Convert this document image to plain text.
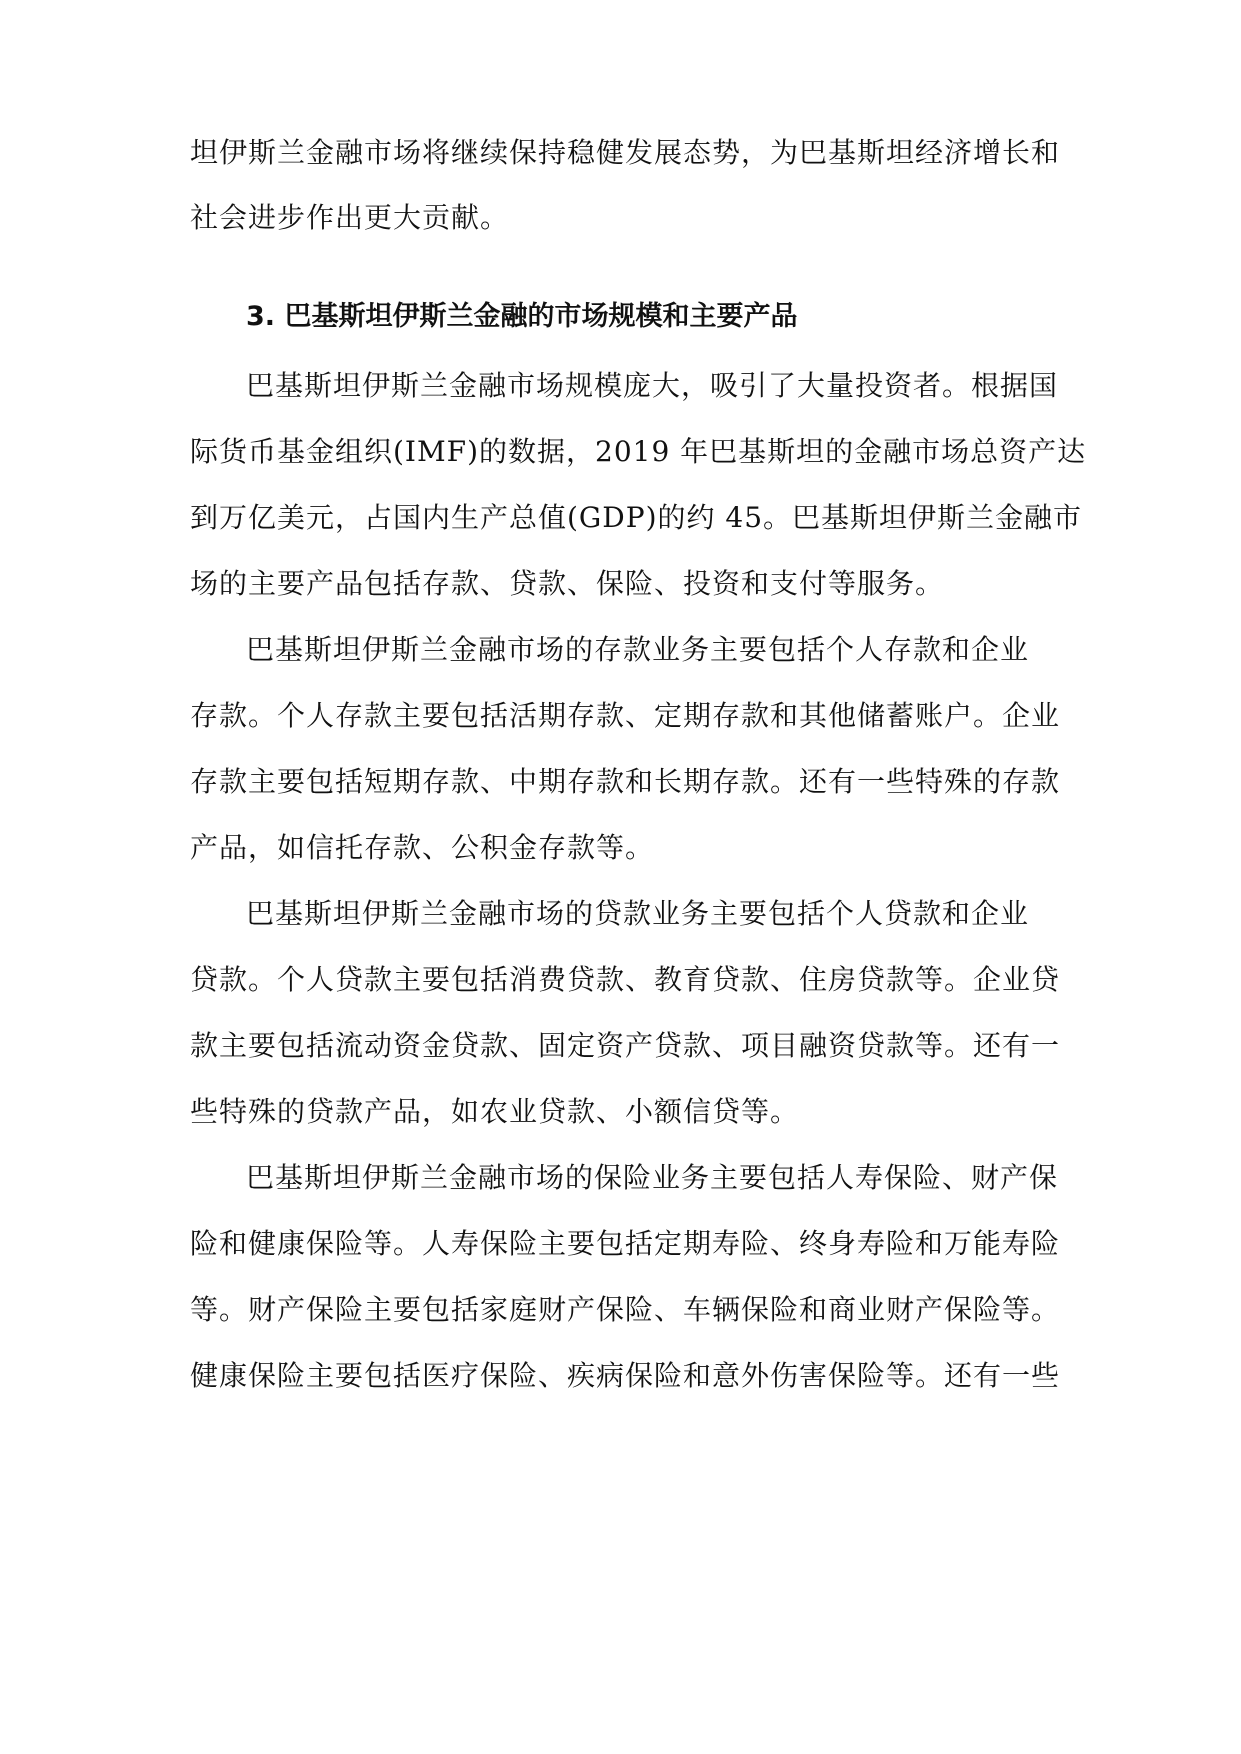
坦伊斯兰金融市场将继续保持稳健发展态势，为巴基斯坦经济增长和
社会进步作出更大贡献。
3. 巴基斯坦伊斯兰金融的市场规模和主要产品
巴基斯坦伊斯兰金融市场规模庞大，吸引了大量投资者。根据国
际货币基金组织(IMF)的数据，2019 年巴基斯坦的金融市场总资产达
到万亿美元，占国内生产总值(GDP)的约 45。巴基斯坦伊斯兰金融市
场的主要产品包括存款、贷款、保险、投资和支付等服务。
巴基斯坦伊斯兰金融市场的存款业务主要包括个人存款和企业
存款。个人存款主要包括活期存款、定期存款和其他储蓄账户。企业
存款主要包括短期存款、中期存款和长期存款。还有一些特殊的存款
产品，如信托存款、公积金存款等。
巴基斯坦伊斯兰金融市场的贷款业务主要包括个人贷款和企业
贷款。个人贷款主要包括消费贷款、教育贷款、住房贷款等。企业贷
款主要包括流动资金贷款、固定资产贷款、项目融资贷款等。还有一
些特殊的贷款产品，如农业贷款、小额信贷等。
巴基斯坦伊斯兰金融市场的保险业务主要包括人寿保险、财产保
险和健康保险等。人寿保险主要包括定期寿险、终身寿险和万能寿险
等。财产保险主要包括家庭财产保险、车辆保险和商业财产保险等。
健康保险主要包括医疗保险、疾病保险和意外伤害保险等。还有一些
